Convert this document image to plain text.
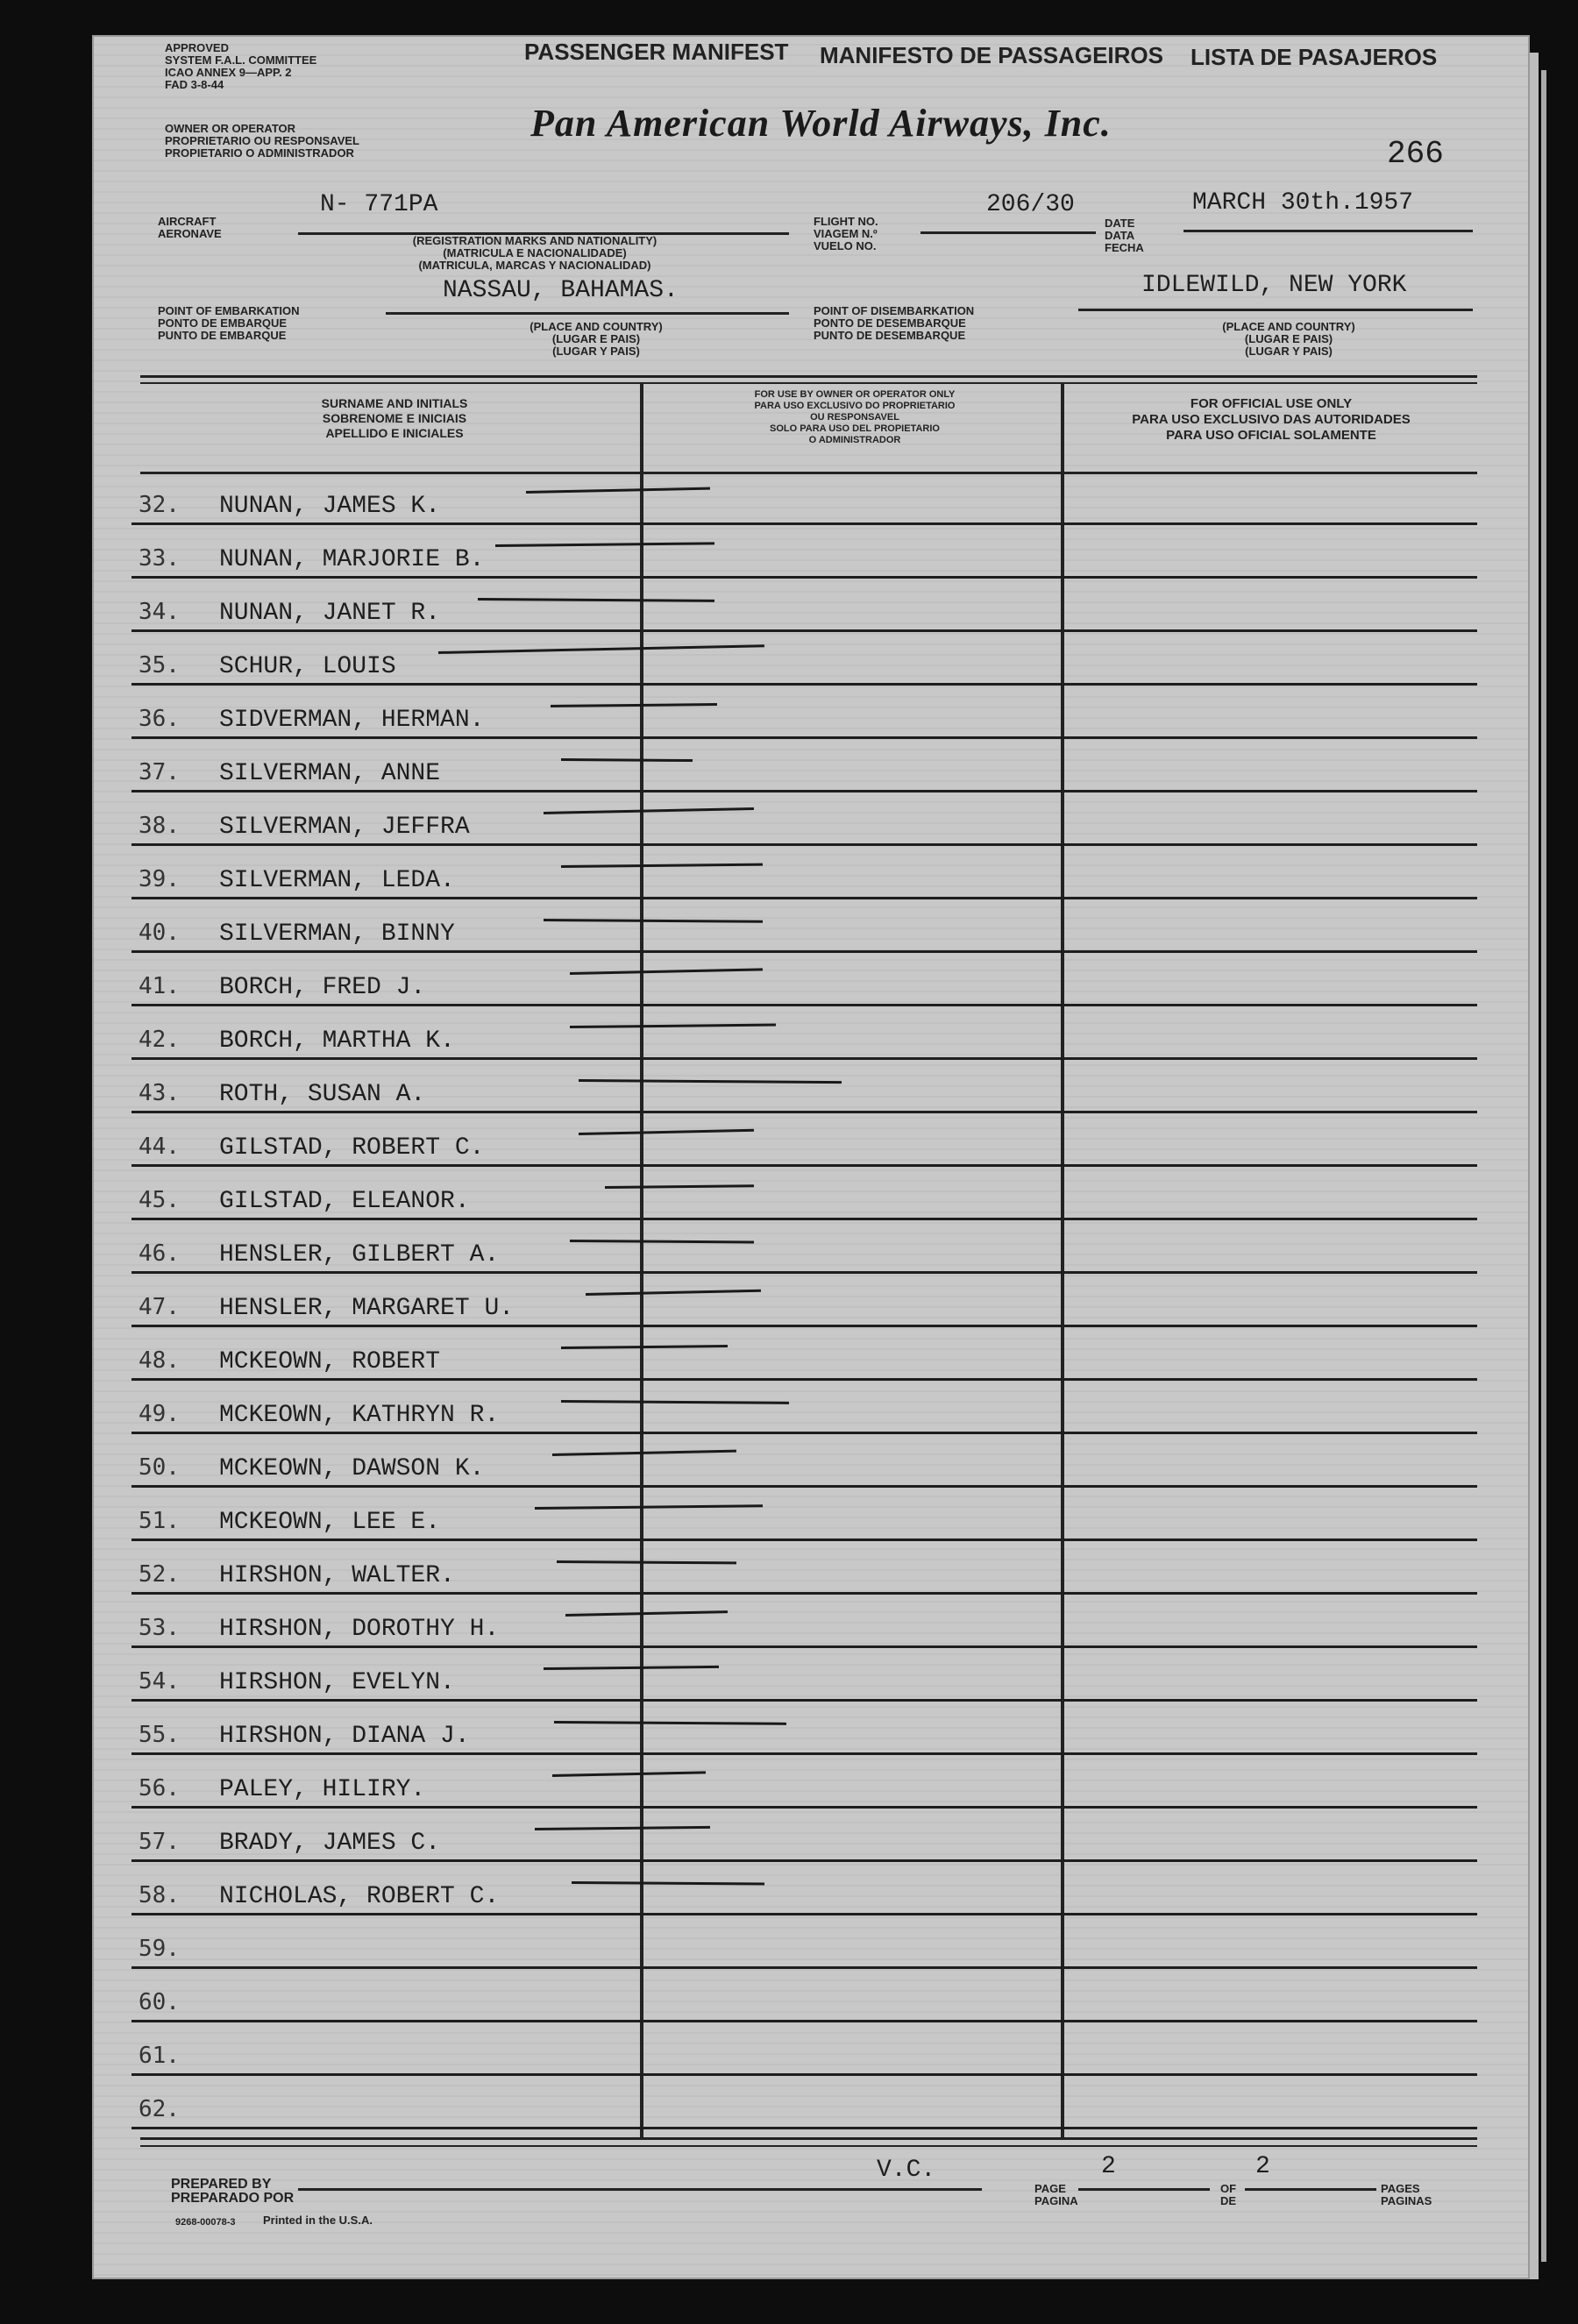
APPROVED
SYSTEM F.A.L. COMMITTEE
ICAO ANNEX 9—APP. 2
FAD 3-8-44
PASSENGER MANIFEST MANIFESTO DE PASSAGEIROS LISTA DE PASAJEROS
OWNER OR OPERATOR
PROPRIETARIO OU RESPONSAVEL
PROPIETARIO O ADMINISTRADOR
Pan American World Airways, Inc.
266
AIRCRAFT
AERONAVE
N- 771PA
(REGISTRATION MARKS AND NATIONALITY)
(MATRICULA E NACIONALIDADE)
(MATRICULA, MARCAS Y NACIONALIDAD)
FLIGHT NO.
VIAGEM N.º
VUELO NO.
206/30
DATE
DATA
FECHA
MARCH 30th.1957
NASSAU, BAHAMAS.
POINT OF EMBARKATION
PONTO DE EMBARQUE
PUNTO DE EMBARQUE
(PLACE AND COUNTRY)
(LUGAR E PAIS)
(LUGAR Y PAIS)
IDLEWILD, NEW YORK
POINT OF DISEMBARKATION
PONTO DE DESEMBARQUE
PUNTO DE DESEMBARQUE
(PLACE AND COUNTRY)
(LUGAR E PAIS)
(LUGAR Y PAIS)
SURNAME AND INITIALS
SOBRENOME E INICIAIS
APELLIDO E INICIALES
FOR USE BY OWNER OR OPERATOR ONLY
PARA USO EXCLUSIVO DO PROPRIETARIO
OU RESPONSAVEL
SOLO PARA USO DEL PROPIETARIO
O ADMINISTRADOR
FOR OFFICIAL USE ONLY
PARA USO EXCLUSIVO DAS AUTORIDADES
PARA USO OFICIAL SOLAMENTE
32. NUNAN, JAMES K.
33. NUNAN, MARJORIE B.
34. NUNAN, JANET R.
35. SCHUR, LOUIS
36. SIDVERMAN, HERMAN.
37. SILVERMAN, ANNE
38. SILVERMAN, JEFFRA
39. SILVERMAN, LEDA.
40. SILVERMAN, BINNY
41. BORCH, FRED J.
42. BORCH, MARTHA K.
43. ROTH, SUSAN A.
44. GILSTAD, ROBERT C.
45. GILSTAD, ELEANOR.
46. HENSLER, GILBERT A.
47. HENSLER, MARGARET U.
48. MCKEOWN, ROBERT
49. MCKEOWN, KATHRYN R.
50. MCKEOWN, DAWSON K.
51. MCKEOWN, LEE E.
52. HIRSHON, WALTER.
53. HIRSHON, DOROTHY H.
54. HIRSHON, EVELYN.
55. HIRSHON, DIANA J.
56. PALEY, HILIRY.
57. BRADY, JAMES C.
58. NICHOLAS, ROBERT C.
59.
60.
61.
62.
PREPARED BY
PREPARADO POR
V.C.
PAGE
PAGINA
2
OF
DE
2
PAGES
PAGINAS
9268-00078-3 Printed in the U.S.A.
